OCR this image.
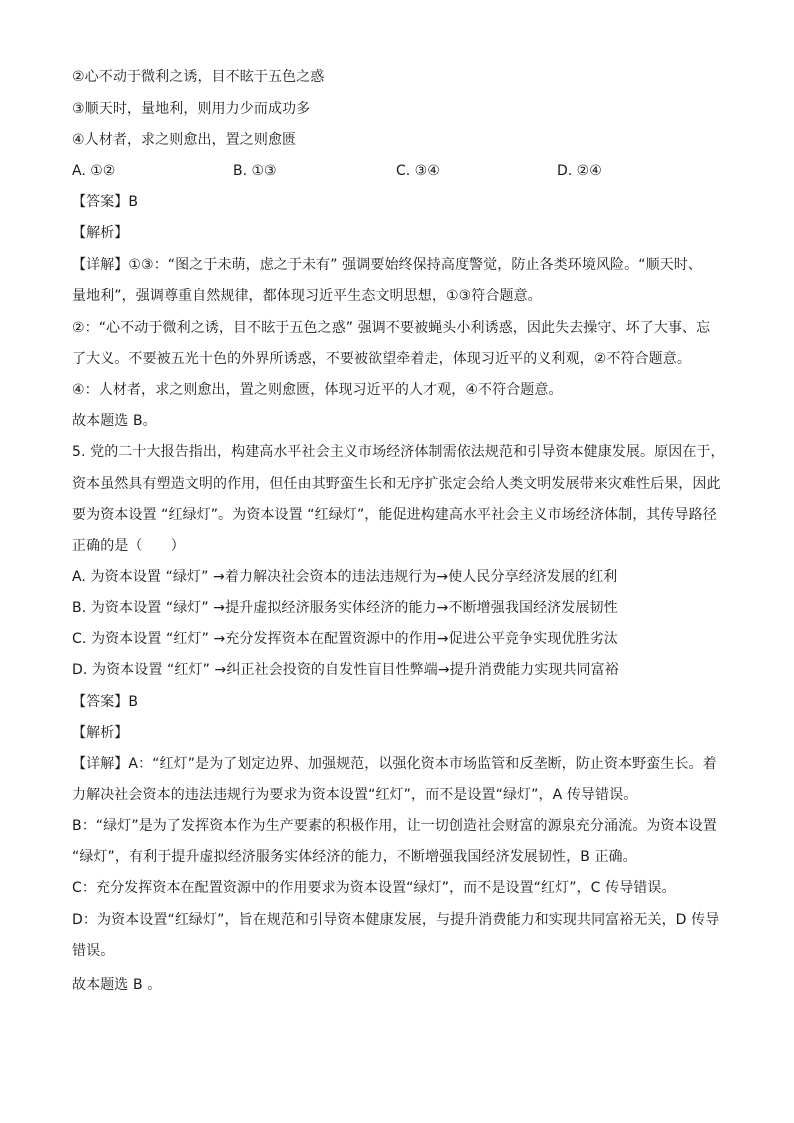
②心不动于微利之诱，目不眩于五色之惑
③顺天时，量地利，则用力少而成功多
④人材者，求之则愈出，置之则愈匮
A. ①②	B. ①③	C. ③④	D. ②④
【答案】B
【解析】
【详解】①③：“图之于未萌，虑之于未有” 强调要始终保持高度警觉，防止各类环境风险。“顺天时、
量地利”，强调尊重自然规律，都体现习近平生态文明思想，①③符合题意。
②：“心不动于微利之诱，目不眩于五色之惑” 强调不要被蝇头小利诱惑，因此失去操守、坏了大事、忘
了大义。不要被五光十色的外界所诱惑，不要被欲望牵着走，体现习近平的义利观，②不符合题意。
④：人材者，求之则愈出，置之则愈匮，体现习近平的人才观，④不符合题意。
故本题选 B。
5. 党的二十大报告指出，构建高水平社会主义市场经济体制需依法规范和引导资本健康发展。原因在于，
资本虽然具有塑造文明的作用，但任由其野蛮生长和无序扩张定会给人类文明发展带来灾难性后果，因此
要为资本设置 “红绿灯”。为资本设置 “红绿灯”，能促进构建高水平社会主义市场经济体制，其传导路径
正确的是（　　）
A. 为资本设置 “绿灯” →着力解决社会资本的违法违规行为→使人民分享经济发展的红利
B. 为资本设置 “绿灯” →提升虚拟经济服务实体经济的能力→不断增强我国经济发展韧性
C. 为资本设置 “红灯” →充分发挥资本在配置资源中的作用→促进公平竞争实现优胜劣汰
D. 为资本设置 “红灯” →纠正社会投资的自发性盲目性弊端→提升消费能力实现共同富裕
【答案】B
【解析】
【详解】A：“红灯”是为了划定边界、加强规范，以强化资本市场监管和反垄断，防止资本野蛮生长。着
力解决社会资本的违法违规行为要求为资本设置“红灯”，而不是设置“绿灯”，A 传导错误。
B：“绿灯”是为了发挥资本作为生产要素的积极作用，让一切创造社会财富的源泉充分涌流。为资本设置
“绿灯”，有利于提升虚拟经济服务实体经济的能力，不断增强我国经济发展韧性，B 正确。
C：充分发挥资本在配置资源中的作用要求为资本设置“绿灯”，而不是设置“红灯”，C 传导错误。
D：为资本设置“红绿灯”，旨在规范和引导资本健康发展，与提升消费能力和实现共同富裕无关，D 传导
错误。
故本题选 B 。
